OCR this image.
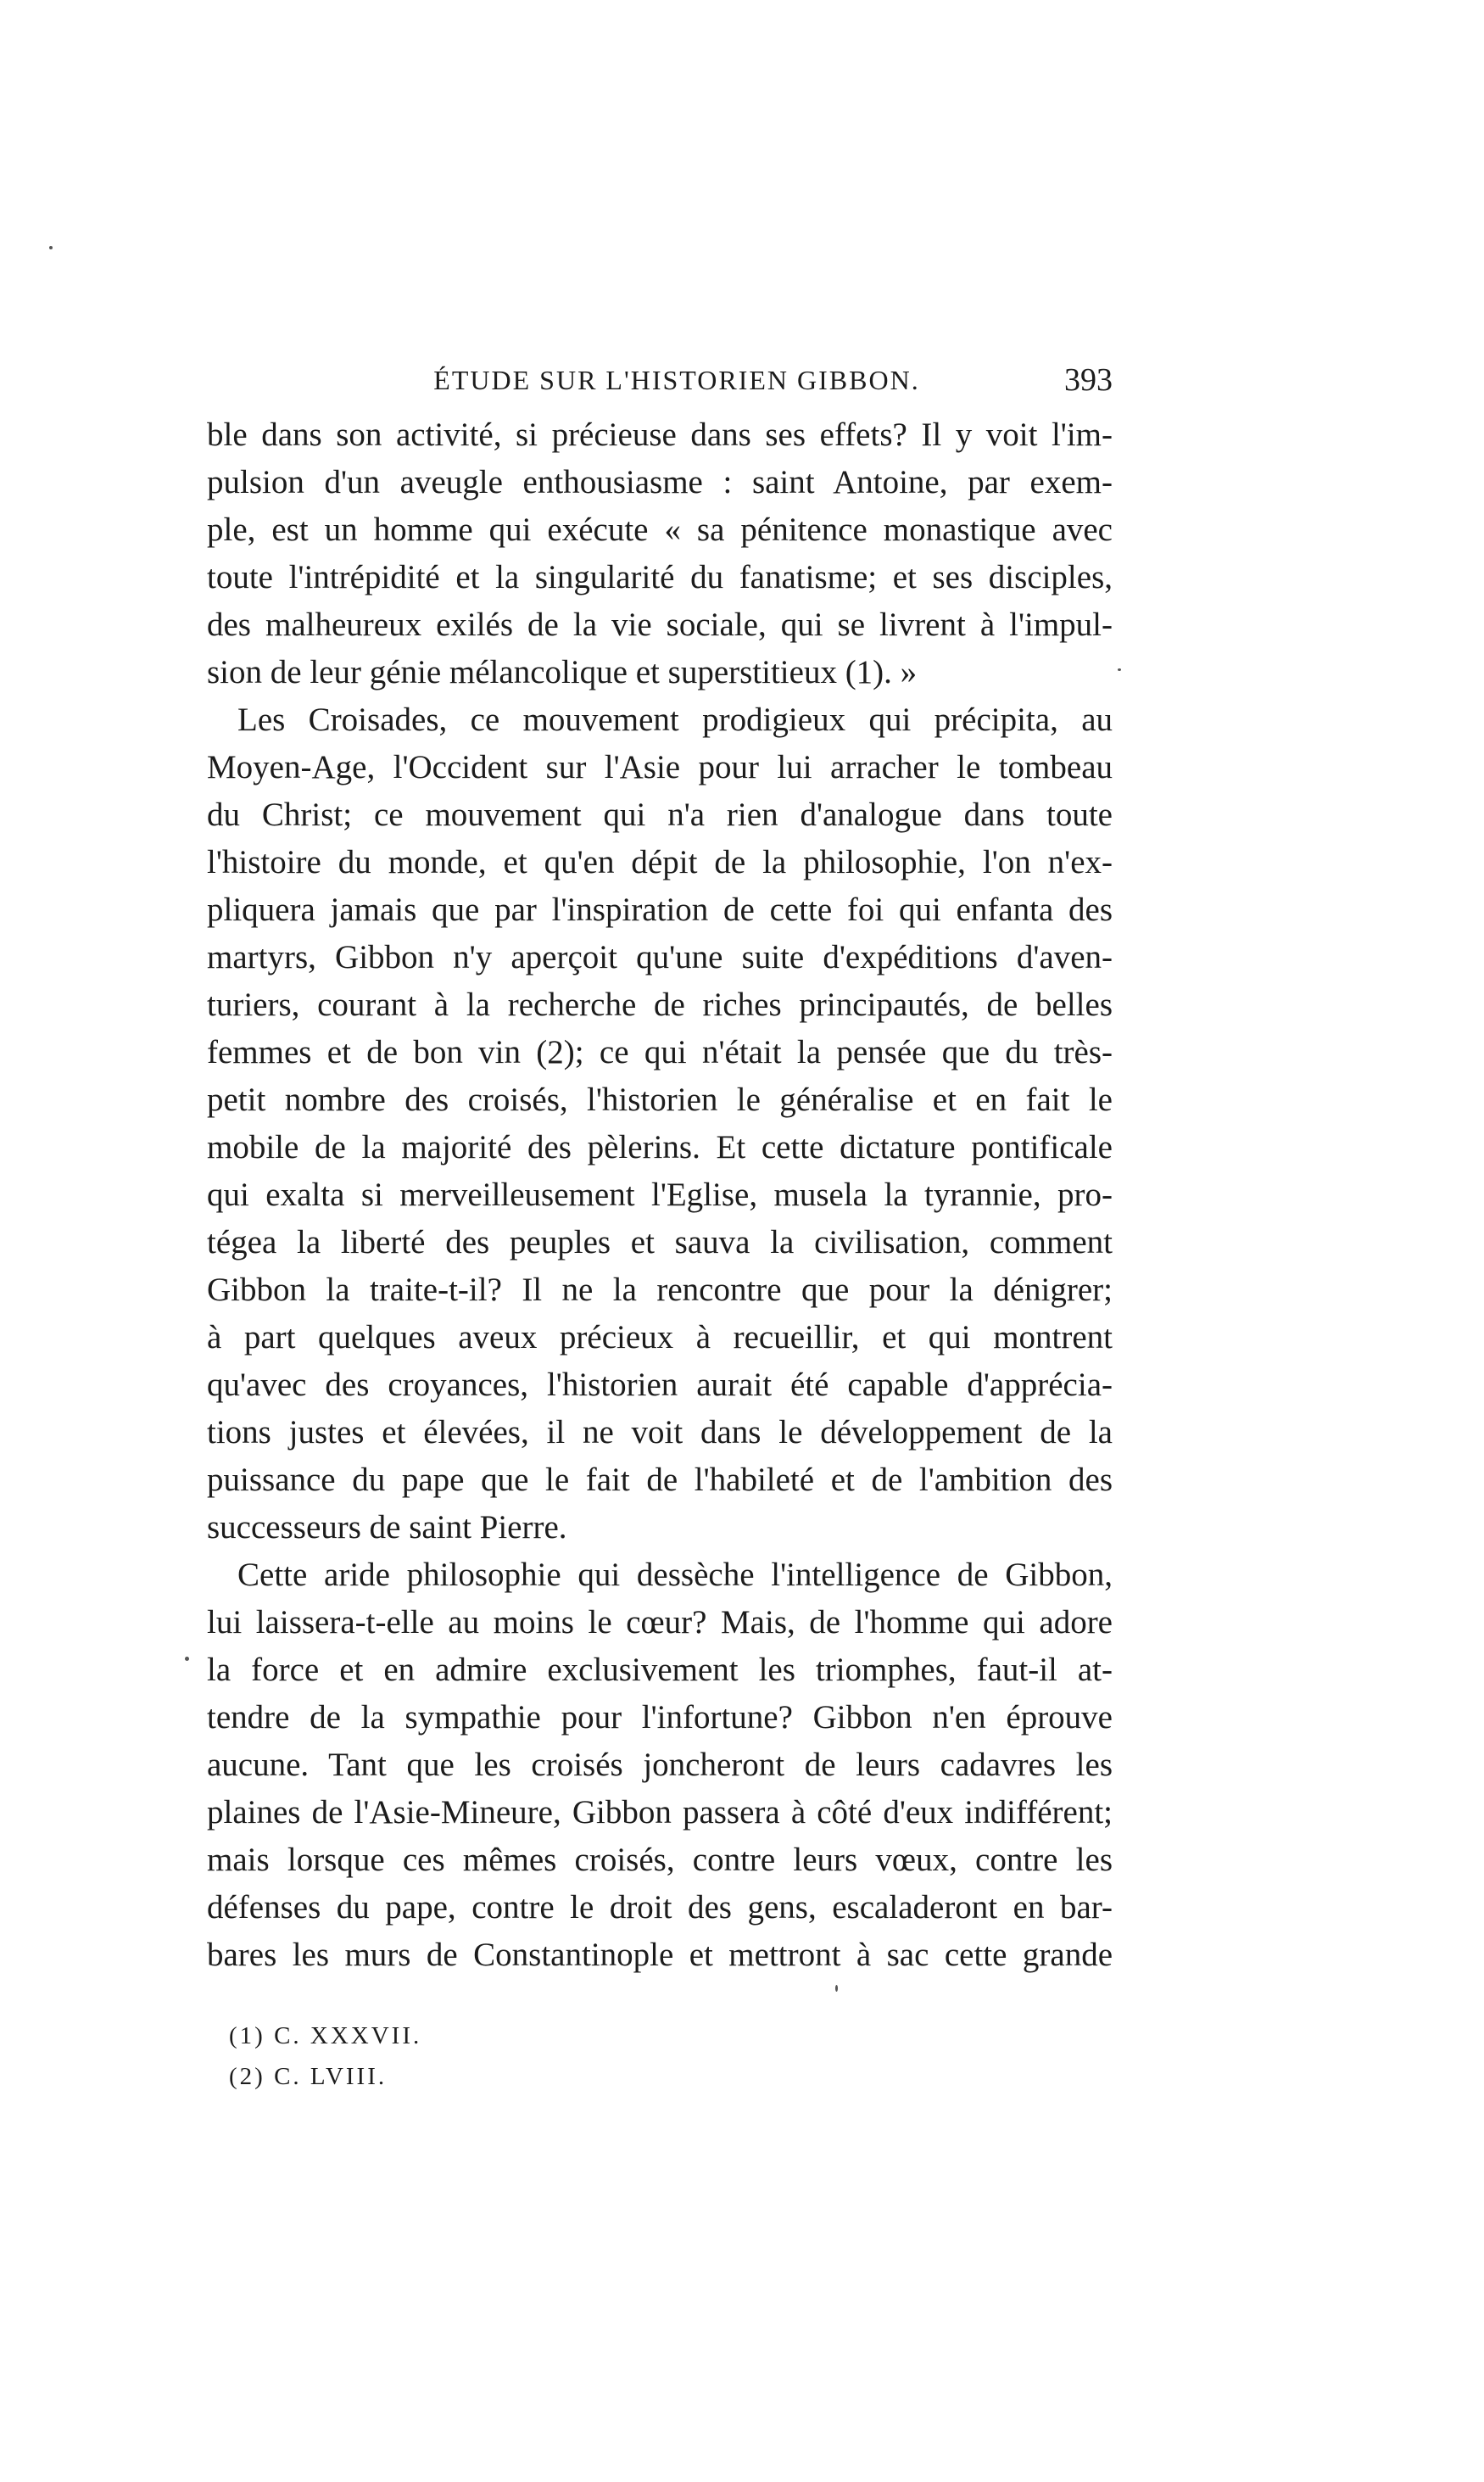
ÉTUDE SUR L'HISTORIEN GIBBON.	393
ble dans son activité, si précieuse dans ses effets? Il y voit l'im-
pulsion d'un aveugle enthousiasme : saint Antoine, par exem-
ple, est un homme qui exécute « sa pénitence monastique avec
toute l'intrépidité et la singularité du fanatisme; et ses disciples,
des malheureux exilés de la vie sociale, qui se livrent à l'impul-
sion de leur génie mélancolique et superstitieux (1). »
Les Croisades, ce mouvement prodigieux qui précipita, au
Moyen-Age, l'Occident sur l'Asie pour lui arracher le tombeau
du Christ; ce mouvement qui n'a rien d'analogue dans toute
l'histoire du monde, et qu'en dépit de la philosophie, l'on n'ex-
pliquera jamais que par l'inspiration de cette foi qui enfanta des
martyrs, Gibbon n'y aperçoit qu'une suite d'expéditions d'aven-
turiers, courant à la recherche de riches principautés, de belles
femmes et de bon vin (2); ce qui n'était la pensée que du très-
petit nombre des croisés, l'historien le généralise et en fait le
mobile de la majorité des pèlerins. Et cette dictature pontificale
qui exalta si merveilleusement l'Eglise, musela la tyrannie, pro-
tégea la liberté des peuples et sauva la civilisation, comment
Gibbon la traite-t-il? Il ne la rencontre que pour la dénigrer;
à part quelques aveux précieux à recueillir, et qui montrent
qu'avec des croyances, l'historien aurait été capable d'apprécia-
tions justes et élevées, il ne voit dans le développement de la
puissance du pape que le fait de l'habileté et de l'ambition des
successeurs de saint Pierre.
Cette aride philosophie qui dessèche l'intelligence de Gibbon,
lui laissera-t-elle au moins le cœur? Mais, de l'homme qui adore
la force et en admire exclusivement les triomphes, faut-il at-
tendre de la sympathie pour l'infortune? Gibbon n'en éprouve
aucune. Tant que les croisés joncheront de leurs cadavres les
plaines de l'Asie-Mineure, Gibbon passera à côté d'eux indifférent;
mais lorsque ces mêmes croisés, contre leurs vœux, contre les
défenses du pape, contre le droit des gens, escaladeront en bar-
bares les murs de Constantinople et mettront à sac cette grande
(1) C. XXXVII.
(2) C. LVIII.
